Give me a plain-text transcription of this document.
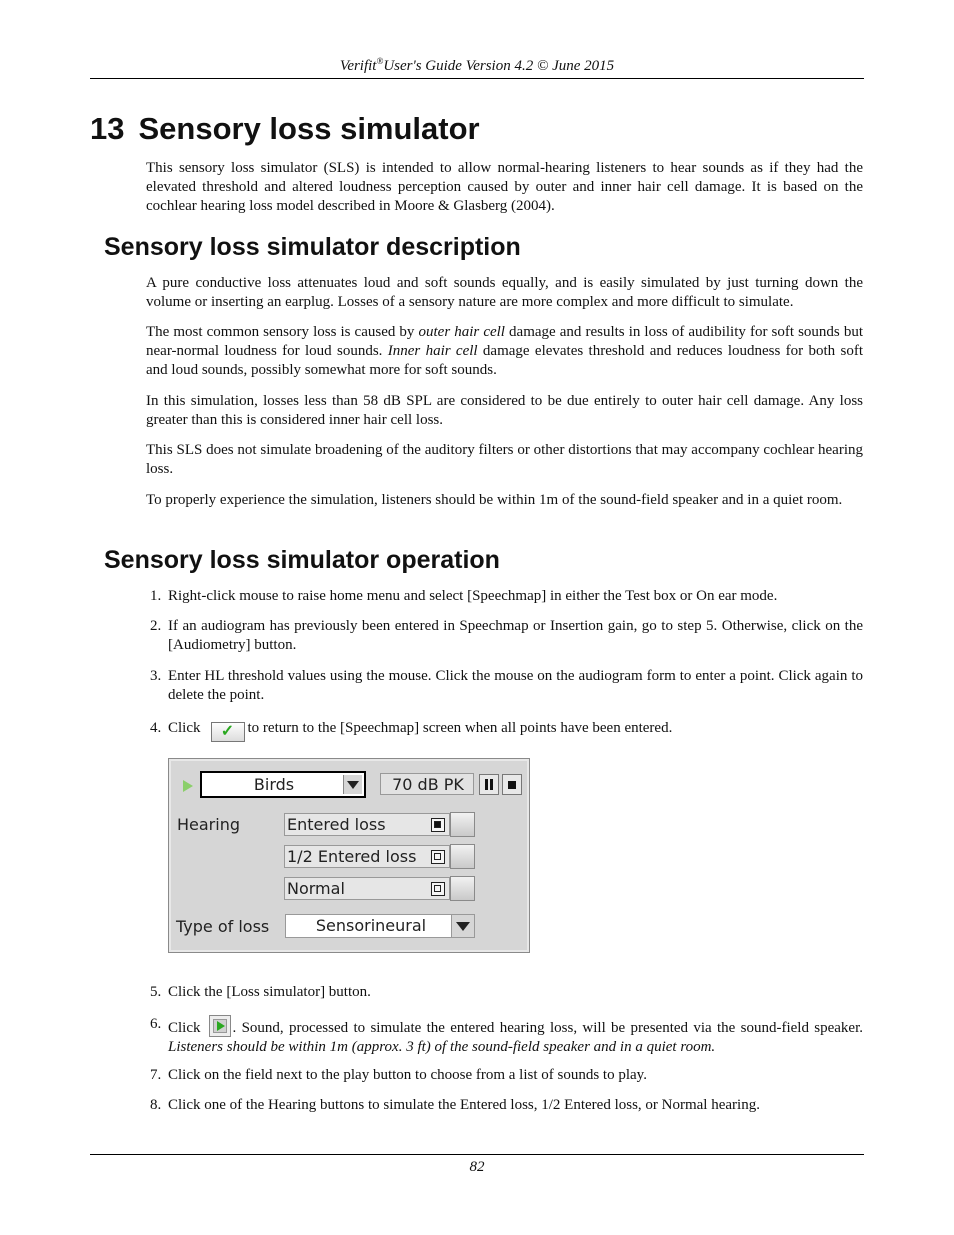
Verifit®User's Guide Version 4.2 © June 2015
13 Sensory loss simulator

This sensory loss simulator (SLS) is intended to allow normal-hearing listeners to hear sounds as if they had the elevated threshold and altered loudness perception caused by outer and inner hair cell damage. It is based on the cochlear hearing loss model described in Moore & Glasberg (2004).

Sensory loss simulator description

A pure conductive loss attenuates loud and soft sounds equally, and is easily simulated by just turning down the volume or inserting an earplug. Losses of a sensory nature are more complex and more difficult to simulate.

The most common sensory loss is caused by outer hair cell damage and results in loss of audibility for soft sounds but near-normal loudness for loud sounds. Inner hair cell damage elevates threshold and reduces loudness for both soft and loud sounds, possibly somewhat more for soft sounds.

In this simulation, losses less than 58 dB SPL are considered to be due entirely to outer hair cell damage. Any loss greater than this is considered inner hair cell loss.

This SLS does not simulate broadening of the auditory filters or other distortions that may accompany cochlear hearing loss.

To properly experience the simulation, listeners should be within 1m of the sound-field speaker and in a quiet room.

Sensory loss simulator operation
1. Right-click mouse to raise home menu and select [Speechmap] in either the Test box or On ear mode.
2. If an audiogram has previously been entered in Speechmap or Insertion gain, go to step 5. Otherwise, click on the [Audiometry] button.
3. Enter HL threshold values using the mouse. Click the mouse on the audiogram form to enter a point. Click again to delete the point.
4. Click ✓ to return to the [Speechmap] screen when all points have been entered.
Birds	70 dB PK
Hearing	Entered loss
1/2 Entered loss
Normal
Type of loss	Sensorineural
5. Click the [Loss simulator] button.
6. Click . Sound, processed to simulate the entered hearing loss, will be presented via the sound-field speaker. Listeners should be within 1m (approx. 3 ft) of the sound-field speaker and in a quiet room.
7. Click on the field next to the play button to choose from a list of sounds to play.
8. Click one of the Hearing buttons to simulate the Entered loss, 1/2 Entered loss, or Normal hearing.
82
